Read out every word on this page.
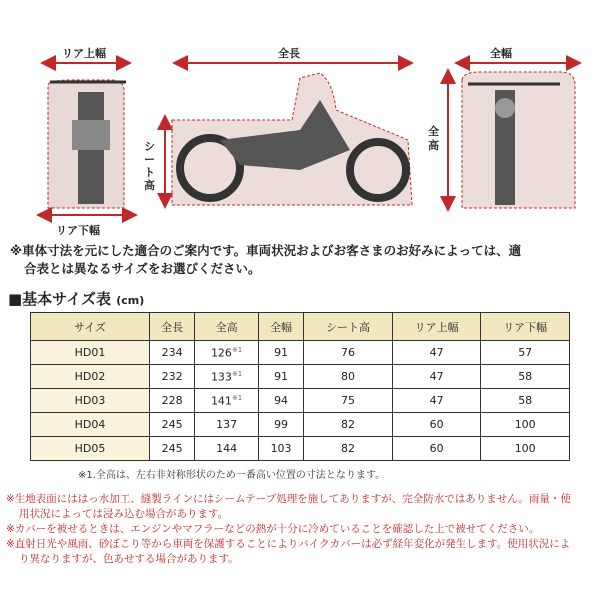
リア上幅
リア下幅
全長
シート高
全幅
全高
※車体寸法を元にした適合のご案内です。車両状況およびお客さまのお好みによっては、適
合表とは異なるサイズをお選びください。
■基本サイズ表 (cm)
サイズ	全長	全高	全幅	シート高	リア上幅	リア下幅
HD01	234	126$^{※1}$	91	76	47	57
HD02	232	133$^{※1}$	91	80	47	58
HD03	228	141$^{※1}$	94	75	47	58
HD04	245	137	99	82	60	100
HD05	245	144	103	82	60	100
※1.全高は、左右非対称形状のため一番高い位置の寸法となります。
※生地表面にははっ水加工、縫製ラインにはシームテープ処理を施してありますが、完全防水ではありません。雨量・使
用状況によっては浸み込む場合があります。
※カバーを被せるときは、エンジンやマフラーなどの熱が十分に冷めていることを確認した上で被せてください。
※直射日光や風雨、砂ぼこり等から車両を保護することによりバイクカバーは必ず経年変化が発生します。使用状況によ
り異なりますが、色あせする場合があります。
